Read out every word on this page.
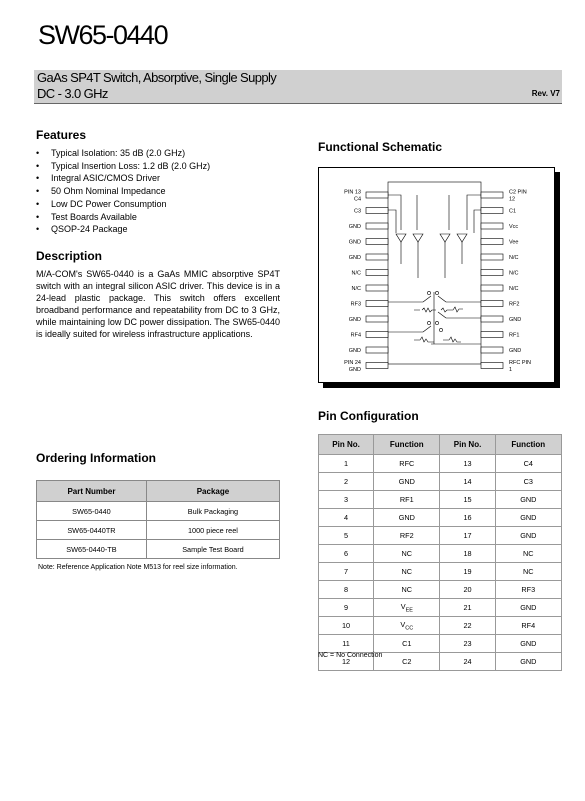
SW65-0440
GaAs SP4T Switch, Absorptive, Single Supply
DC - 3.0 GHz	Rev. V7
Features
• Typical Isolation: 35 dB (2.0 GHz)
• Typical Insertion Loss: 1.2 dB (2.0 GHz)
• Integral ASIC/CMOS Driver
• 50 Ohm Nominal Impedance
• Low DC Power Consumption
• Test Boards Available
• QSOP-24 Package
Description
M/A-COM's SW65-0440 is a GaAs MMIC absorptive SP4T switch with an integral silicon ASIC driver. This device is in a 24-lead plastic package. This switch offers excellent broadband performance and repeatability from DC to 3 GHz, while maintaining low DC power dissipation. The SW65-0440 is ideally suited for wireless infrastructure applications.
Ordering Information
Part Number	Package
SW65-0440	Bulk Packaging
SW65-0440TR	1000 piece reel
SW65-0440-TB	Sample Test Board
Note: Reference Application Note M513 for reel size information.
Functional Schematic
PIN 13 C4
C3
GND
GND
GND
N/C
N/C
RF3
GND
RF4
GND
PIN 24 GND
C2 PIN 12
C1
Vcc
Vee
N/C
N/C
N/C
RF2
GND
RF1
GND
RFC PIN 1
Pin Configuration
Pin No.	Function	Pin No.	Function
1	RFC	13	C4
2	GND	14	C3
3	RF1	15	GND
4	GND	16	GND
5	RF2	17	GND
6	NC	18	NC
7	NC	19	NC
8	NC	20	RF3
9	$V_{EE}$	21	GND
10	$V_{CC}$	22	RF4
11	C1	23	GND
12	C2	24	GND
NC = No Connection
